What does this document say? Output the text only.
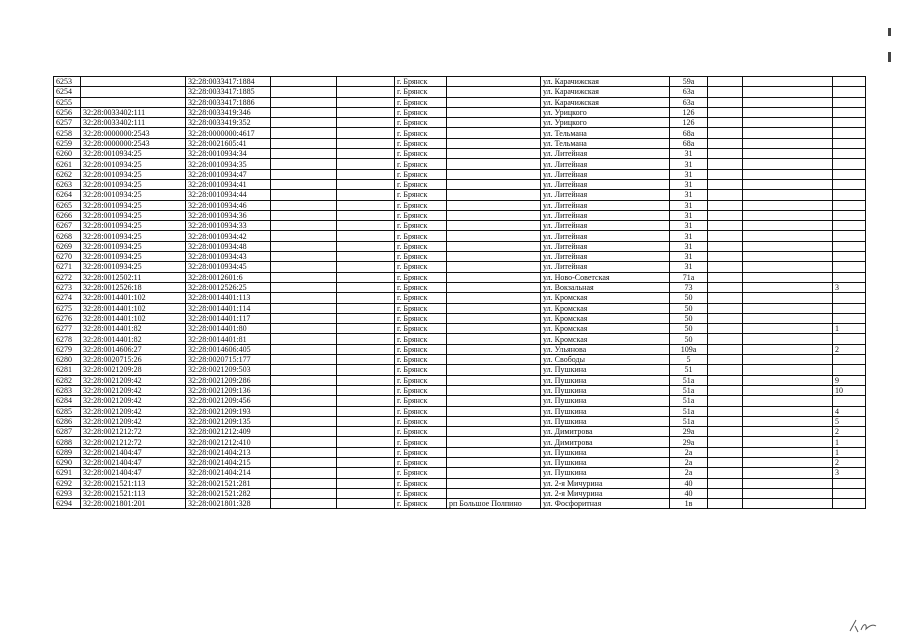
6253		32:28:0033417:1884			г. Брянск		ул. Карачижская	59а			
6254		32:28:0033417:1885			г. Брянск		ул. Карачижская	63а			
6255		32:28:0033417:1886			г. Брянск		ул. Карачижская	63а			
6256	32:28:0033402:111	32:28:0033419:346			г. Брянск		ул. Урицкого	126			
6257	32:28:0033402:111	32:28:0033419:352			г. Брянск		ул. Урицкого	126			
6258	32:28:0000000:2543	32:28:0000000:4617			г. Брянск		ул. Тельмана	68а			
6259	32:28:0000000:2543	32:28:0021605:41			г. Брянск		ул. Тельмана	68а			
6260	32:28:0010934:25	32:28:0010934:34			г. Брянск		ул. Литейная	31			
6261	32:28:0010934:25	32:28:0010934:35			г. Брянск		ул. Литейная	31			
6262	32:28:0010934:25	32:28:0010934:47			г. Брянск		ул. Литейная	31			
6263	32:28:0010934:25	32:28:0010934:41			г. Брянск		ул. Литейная	31			
6264	32:28:0010934:25	32:28:0010934:44			г. Брянск		ул. Литейная	31			
6265	32:28:0010934:25	32:28:0010934:46			г. Брянск		ул. Литейная	31			
6266	32:28:0010934:25	32:28:0010934:36			г. Брянск		ул. Литейная	31			
6267	32:28:0010934:25	32:28:0010934:33			г. Брянск		ул. Литейная	31			
6268	32:28:0010934:25	32:28:0010934:42			г. Брянск		ул. Литейная	31			
6269	32:28:0010934:25	32:28:0010934:48			г. Брянск		ул. Литейная	31			
6270	32:28:0010934:25	32:28:0010934:43			г. Брянск		ул. Литейная	31			
6271	32:28:0010934:25	32:28:0010934:45			г. Брянск		ул. Литейная	31			
6272	32:28:0012502:11	32:28:0012601:6			г. Брянск		ул. Ново-Советская	71а			
6273	32:28:0012526:18	32:28:0012526:25			г. Брянск		ул. Вокзальная	73			3
6274	32:28:0014401:102	32:28:0014401:113			г. Брянск		ул. Кромская	50			
6275	32:28:0014401:102	32:28:0014401:114			г. Брянск		ул. Кромская	50			
6276	32:28:0014401:102	32:28:0014401:117			г. Брянск		ул. Кромская	50			
6277	32:28:0014401:82	32:28:0014401:80			г. Брянск		ул. Кромская	50			1
6278	32:28:0014401:82	32:28:0014401:81			г. Брянск		ул. Кромская	50			
6279	32:28:0014606:27	32:28:0014606:405			г. Брянск		ул. Ульянова	109а			2
6280	32:28:0020715:26	32:28:0020715:177			г. Брянск		ул. Свободы	5			
6281	32:28:0021209:28	32:28:0021209:503			г. Брянск		ул. Пушкина	51			
6282	32:28:0021209:42	32:28:0021209:286			г. Брянск		ул. Пушкина	51а			9
6283	32:28:0021209:42	32:28:0021209:136			г. Брянск		ул. Пушкина	51а			10
6284	32:28:0021209:42	32:28:0021209:456			г. Брянск		ул. Пушкина	51а			
6285	32:28:0021209:42	32:28:0021209:193			г. Брянск		ул. Пушкина	51а			4
6286	32:28:0021209:42	32:28:0021209:135			г. Брянск		ул. Пушкина	51а			5
6287	32:28:0021212:72	32:28:0021212:409			г. Брянск		ул. Димитрова	29а			2
6288	32:28:0021212:72	32:28:0021212:410			г. Брянск		ул. Димитрова	29а			1
6289	32:28:0021404:47	32:28:0021404:213			г. Брянск		ул. Пушкина	2а			1
6290	32:28:0021404:47	32:28:0021404:215			г. Брянск		ул. Пушкина	2а			2
6291	32:28:0021404:47	32:28:0021404:214			г. Брянск		ул. Пушкина	2а			3
6292	32:28:0021521:113	32:28:0021521:281			г. Брянск		ул. 2-я Мичурина	40			
6293	32:28:0021521:113	32:28:0021521:282			г. Брянск		ул. 2-я Мичурина	40			
6294	32:28:0021801:201	32:28:0021801:328			г. Брянск	рп Большое Полпино	ул. Фосфоритная	1в			
